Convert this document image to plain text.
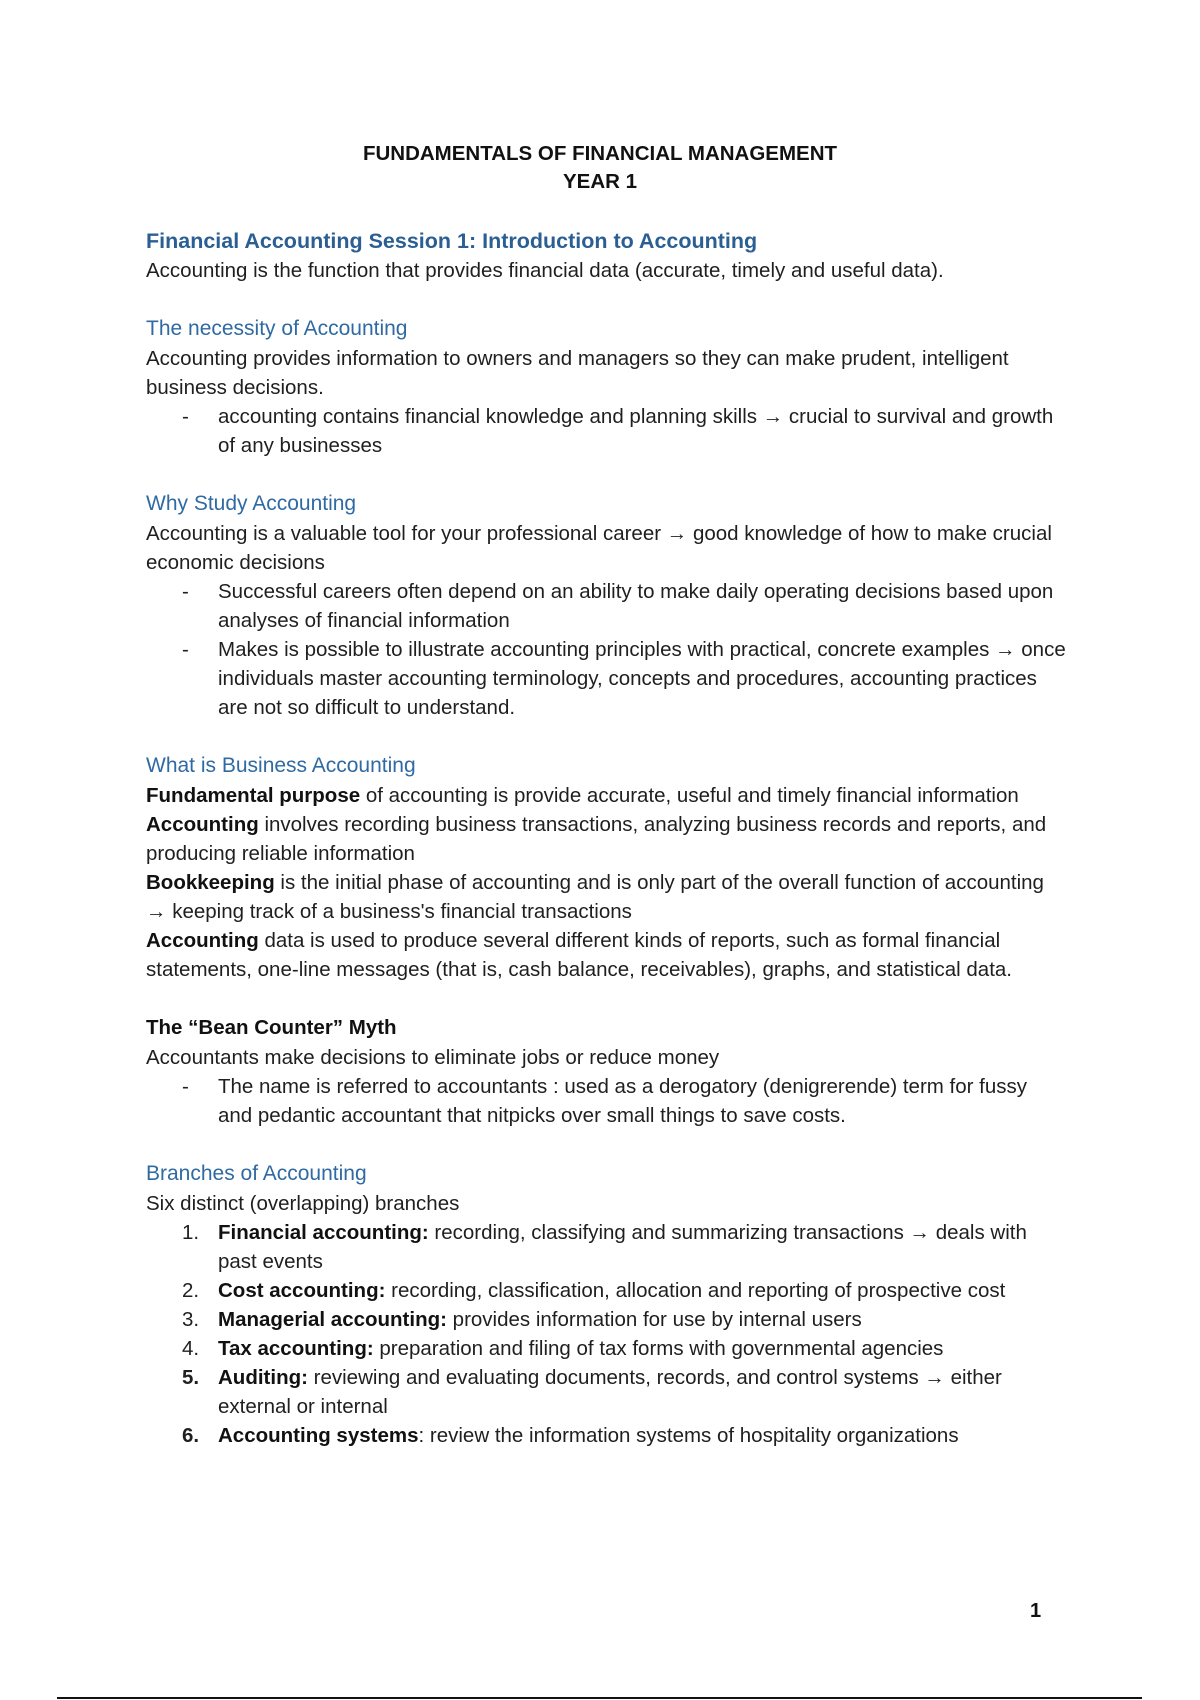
FUNDAMENTALS OF FINANCIAL MANAGEMENT
YEAR 1
Financial Accounting Session 1: Introduction to Accounting

Accounting is the function that provides financial data (accurate, timely and useful data).

The necessity of Accounting

Accounting provides information to owners and managers so they can make prudent, intelligent business decisions.

- accounting contains financial knowledge and planning skills → crucial to survival and growth of any businesses
Why Study Accounting

Accounting is a valuable tool for your professional career → good knowledge of how to make crucial economic decisions

- Successful careers often depend on an ability to make daily operating decisions based upon analyses of financial information
- Makes is possible to illustrate accounting principles with practical, concrete examples → once individuals master accounting terminology, concepts and procedures, accounting practices are not so difficult to understand.
What is Business Accounting

Fundamental purpose of accounting is provide accurate, useful and timely financial information

Accounting involves recording business transactions, analyzing business records and reports, and producing reliable information

Bookkeeping is the initial phase of accounting and is only part of the overall function of accounting → keeping track of a business's financial transactions

Accounting data is used to produce several different kinds of reports, such as formal financial statements, one-line messages (that is, cash balance, receivables), graphs, and statistical data.

The “Bean Counter” Myth

Accountants make decisions to eliminate jobs or reduce money

- The name is referred to accountants : used as a derogatory (denigrerende) term for fussy and pedantic accountant that nitpicks over small things to save costs.
Branches of Accounting

Six distinct (overlapping) branches

1. Financial accounting: recording, classifying and summarizing transactions → deals with past events
2. Cost accounting: recording, classification, allocation and reporting of prospective cost
3. Managerial accounting: provides information for use by internal users
4. Tax accounting: preparation and filing of tax forms with governmental agencies
5. Auditing: reviewing and evaluating documents, records, and control systems → either external or internal
6. Accounting systems: review the information systems of hospitality organizations
1
